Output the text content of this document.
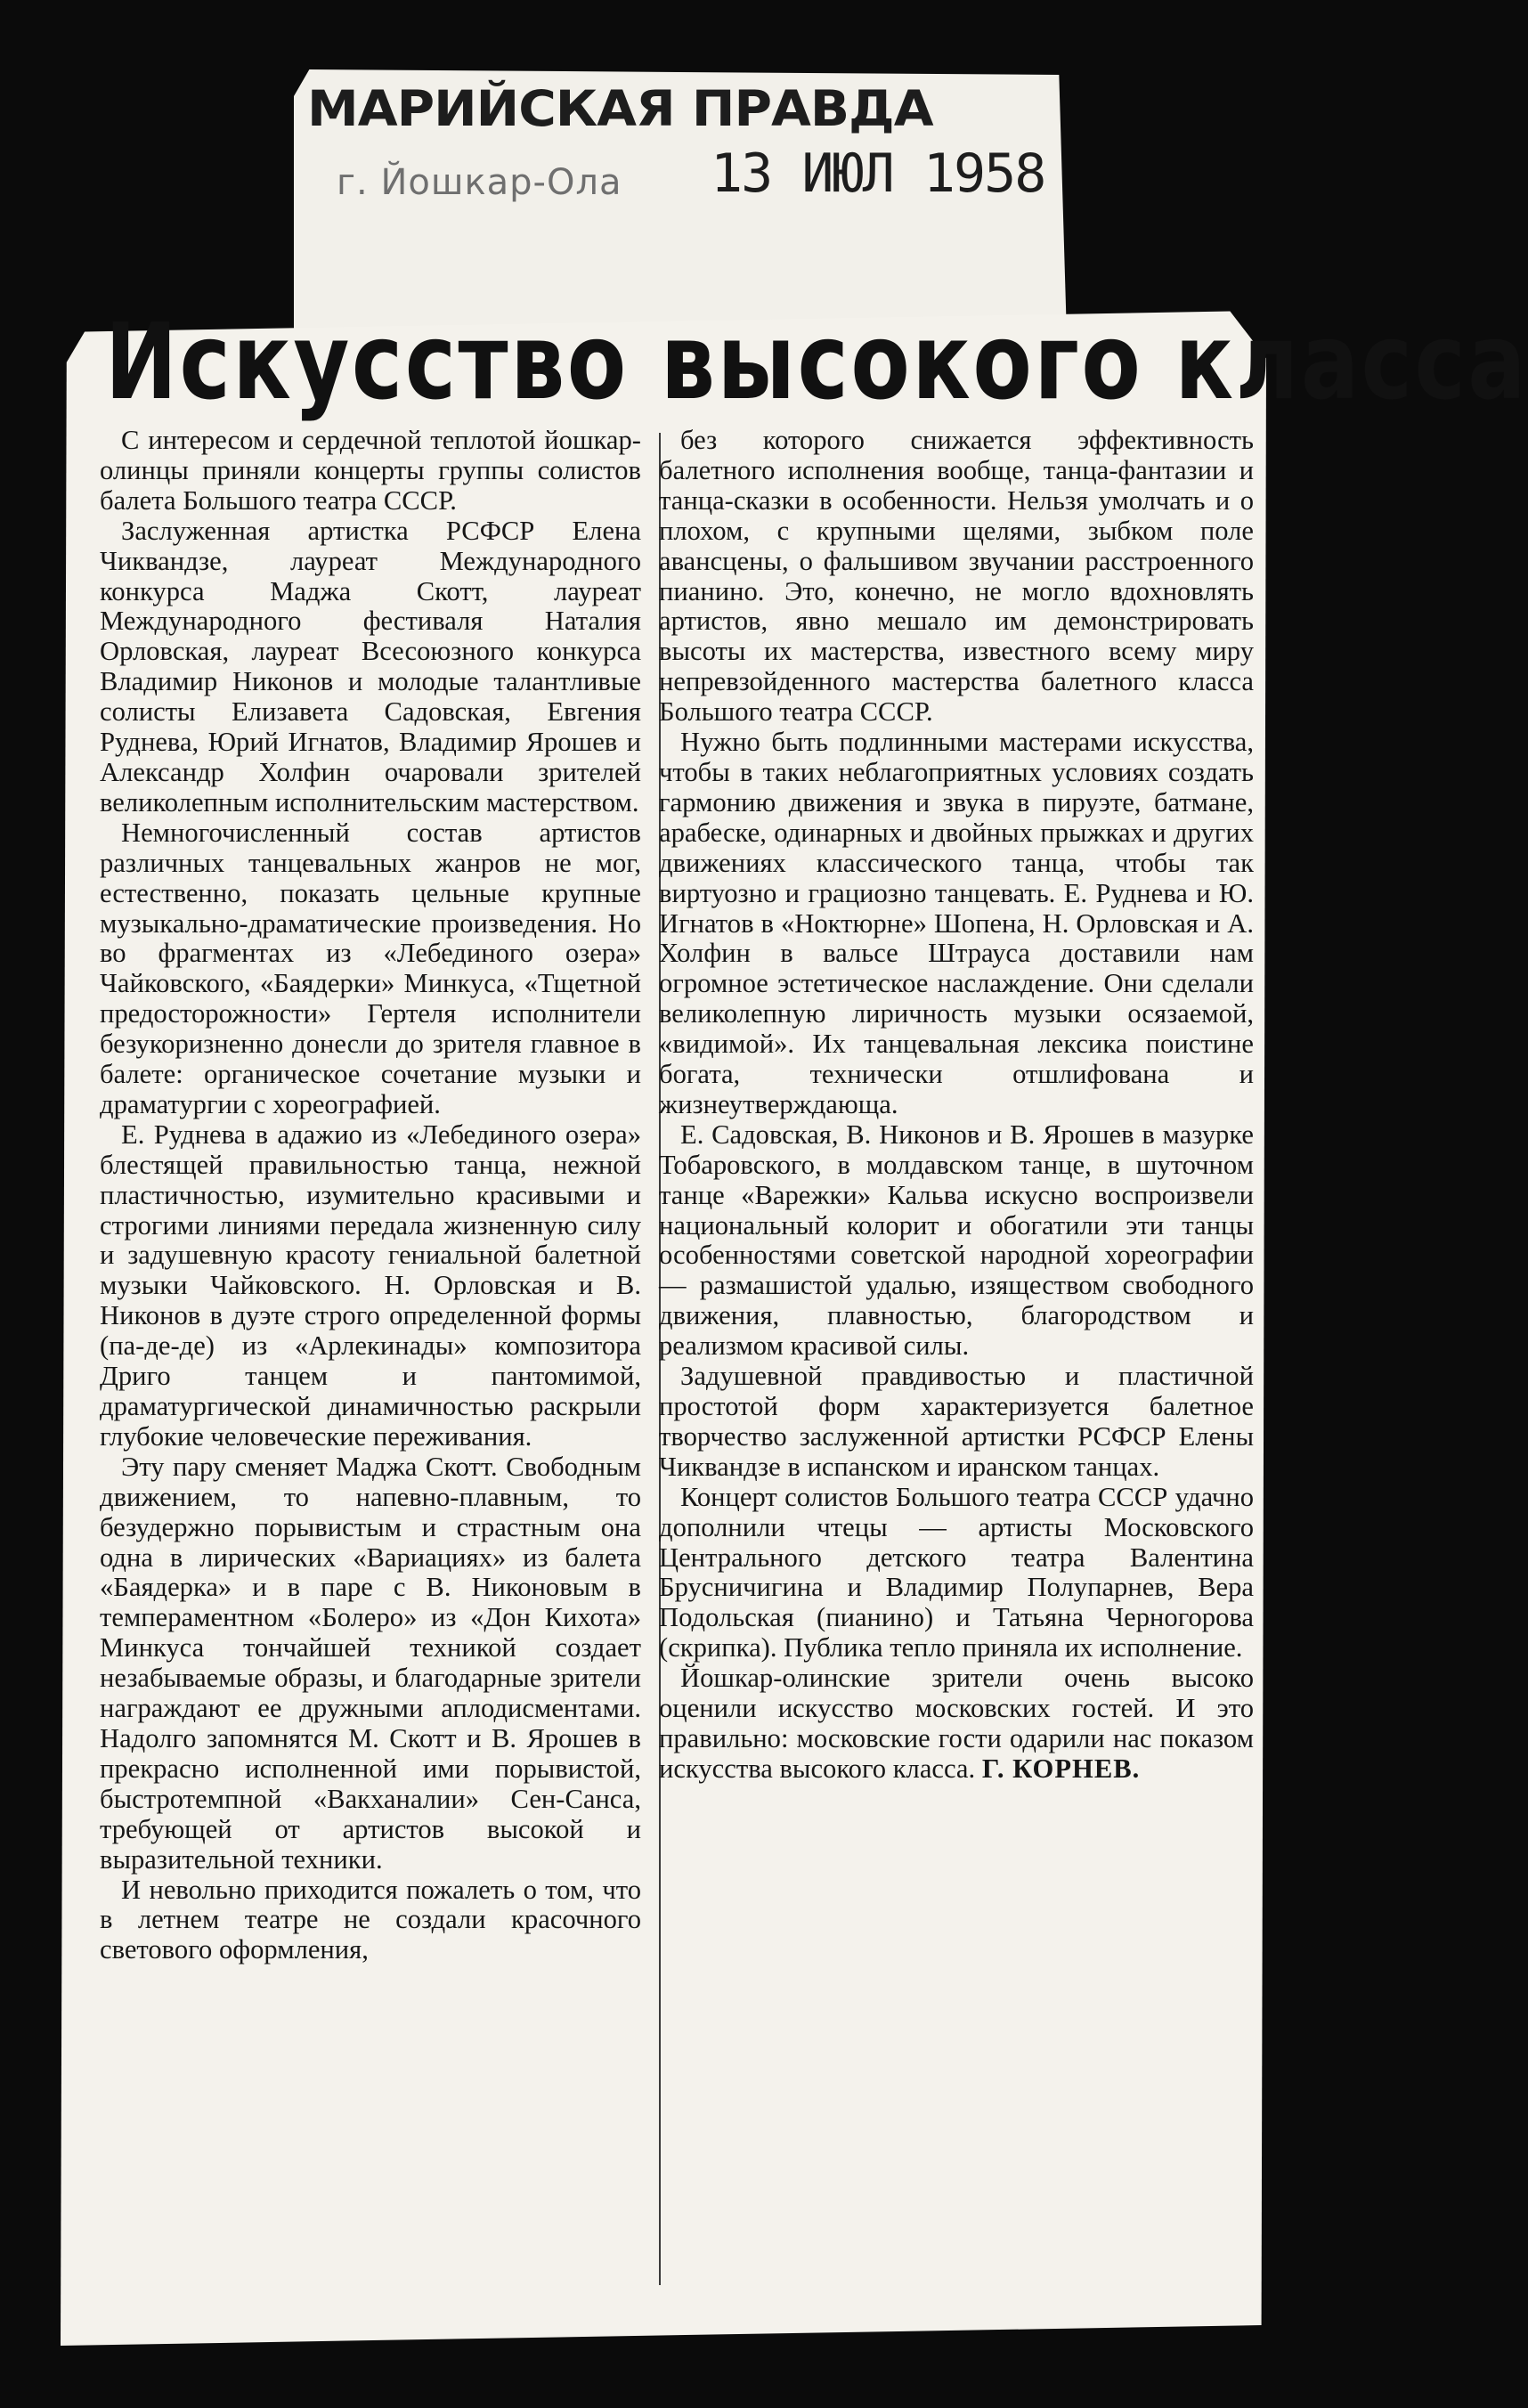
МАРИЙСКАЯ ПРАВДА
г. Йошкар-Ола	13 ИЮЛ 1958
Искусство высокого класса

С интересом и сердечной теплотой йошкар-олинцы приняли концерты группы солистов балета Большого театра СССР.

Заслуженная артистка РСФСР Елена Чиквандзе, лауреат Международного конкурса Маджа Скотт, лауреат Международного фестиваля Наталия Орловская, лауреат Всесоюзного конкурса Владимир Никонов и молодые талантливые солисты Елизавета Садовская, Евгения Руднева, Юрий Игнатов, Владимир Ярошев и Александр Холфин очаровали зрителей великолепным исполнительским мастерством.

Немногочисленный состав артистов различных танцевальных жанров не мог, естественно, показать цельные крупные музыкально-драматические произведения. Но во фрагментах из «Лебединого озера» Чайковского, «Баядерки» Минкуса, «Тщетной предосторожности» Гертеля исполнители безукоризненно донесли до зрителя главное в балете: органическое сочетание музыки и драматургии с хореографией.

Е. Руднева в адажио из «Лебединого озера» блестящей правильностью танца, нежной пластичностью, изумительно красивыми и строгими линиями передала жизненную силу и задушевную красоту гениальной балетной музыки Чайковского. Н. Орловская и В. Никонов в дуэте строго определенной формы (па-де-де) из «Арлекинады» композитора Дриго танцем и пантомимой, драматургической динамичностью раскрыли глубокие человеческие переживания.

Эту пару сменяет Маджа Скотт. Свободным движением, то напевно-плавным, то безудержно порывистым и страстным она одна в лирических «Вариациях» из балета «Баядерка» и в паре с В. Никоновым в темпераментном «Болеро» из «Дон Кихота» Минкуса тончайшей техникой создает незабываемые образы, и благодарные зрители награждают ее дружными аплодисментами. Надолго запомнятся М. Скотт и В. Ярошев в прекрасно исполненной ими порывистой, быстротемпной «Вакханалии» Сен-Санса, требующей от артистов высокой и выразительной техники.

И невольно приходится пожалеть о том, что в летнем театре не создали красочного светового оформления,

без которого снижается эффективность балетного исполнения вообще, танца-фантазии и танца-сказки в особенности. Нельзя умолчать и о плохом, с крупными щелями, зыбком поле авансцены, о фальшивом звучании расстроенного пианино. Это, конечно, не могло вдохновлять артистов, явно мешало им демонстрировать высоты их мастерства, известного всему миру непревзойденного мастерства балетного класса Большого театра СССР.

Нужно быть подлинными мастерами искусства, чтобы в таких неблагоприятных условиях создать гармонию движения и звука в пируэте, батмане, арабеске, одинарных и двойных прыжках и других движениях классического танца, чтобы так виртуозно и грациозно танцевать. Е. Руднева и Ю. Игнатов в «Ноктюрне» Шопена, Н. Орловская и А. Холфин в вальсе Штрауса доставили нам огромное эстетическое наслаждение. Они сделали великолепную лиричность музыки осязаемой, «видимой». Их танцевальная лексика поистине богата, технически отшлифована и жизнеутверждающа.

Е. Садовская, В. Никонов и В. Ярошев в мазурке Тобаровского, в молдавском танце, в шуточном танце «Варежки» Кальва искусно воспроизвели национальный колорит и обогатили эти танцы особенностями советской народной хореографии — размашистой удалью, изяществом свободного движения, плавностью, благородством и реализмом красивой силы.

Задушевной правдивостью и пластичной простотой форм характеризуется балетное творчество заслуженной артистки РСФСР Елены Чиквандзе в испанском и иранском танцах.

Концерт солистов Большого театра СССР удачно дополнили чтецы — артисты Московского Центрального детского театра Валентина Брусничигина и Владимир Полупарнев, Вера Подольская (пианино) и Татьяна Черногорова (скрипка). Публика тепло приняла их исполнение.

Йошкар-олинские зрители очень высоко оценили искусство московских гостей. И это правильно: московские гости одарили нас показом искусства высокого класса. Г. КОРНЕВ.
